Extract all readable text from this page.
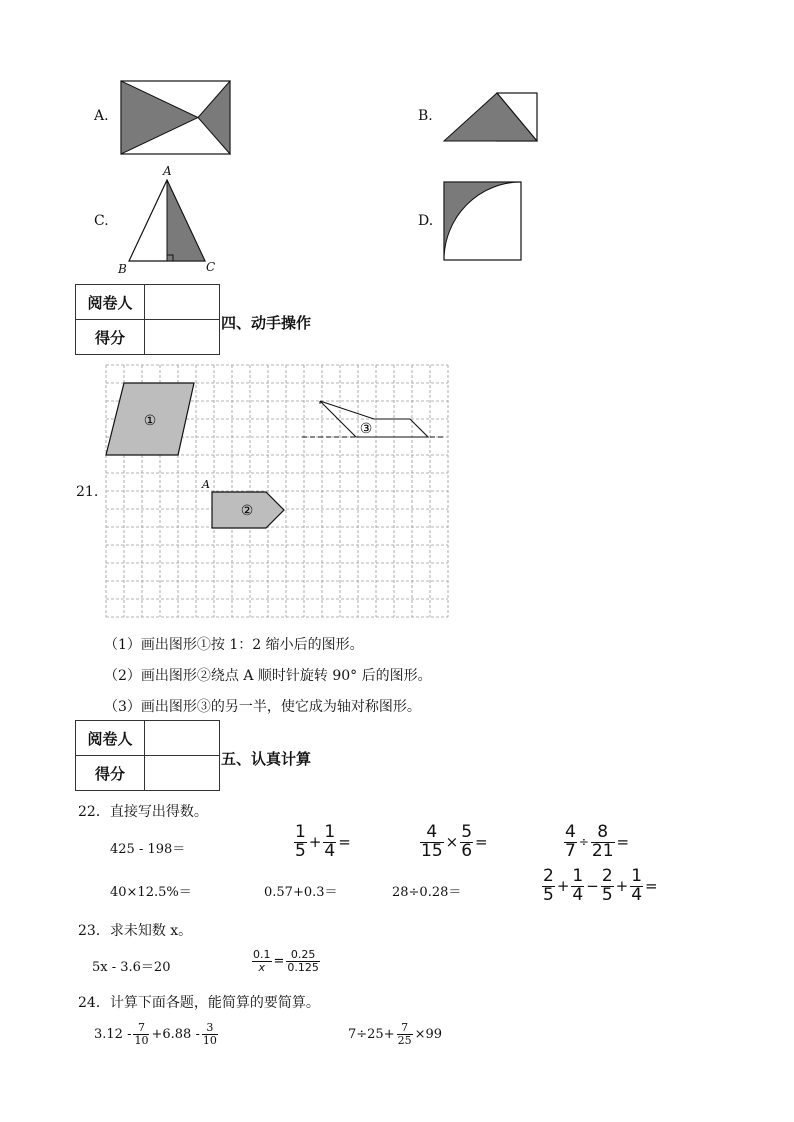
A.	B.
C.
A
B	C
D.
阅卷人	
得分	
四、动手操作
21.
①
②
A
③
（1）画出图形①按 1：2 缩小后的图形。
（2）画出图形②绕点 A 顺时针旋转 90° 后的图形。
（3）画出图形③的另一半，使它成为轴对称图形。
阅卷人	
得分	
五、认真计算
22．直接写出得数。
425 - 198＝	$\frac{1}{5} + \frac{1}{4}$ =	$\frac{4}{15} \times \frac{5}{6}$ =	$\frac{4}{7} \div \frac{8}{21}$ =
40×12.5%＝	0.57+0.3＝	28÷0.28＝	$\frac{2}{5} + \frac{1}{4} - \frac{2}{5} + \frac{1}{4}$ =
23．求未知数 x。
5x - 3.6＝20	$\frac{0.1}{x} = \frac{0.25}{0.125}$
24．计算下面各题，能简算的要简算。
$3.12 - \frac{7}{10} +6.88 - \frac{3}{10}$	$7\div 25+ \frac{7}{25} \times 99$
